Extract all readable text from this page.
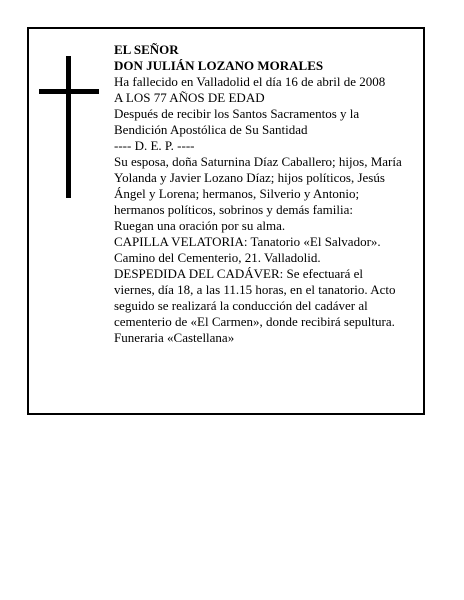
EL SEÑOR
DON JULIÁN LOZANO MORALES
Ha fallecido en Valladolid el día 16 de abril de 2008
A LOS 77 AÑOS DE EDAD
Después de recibir los Santos Sacramentos y la
Bendición Apostólica de Su Santidad
---- D. E. P. ----
Su esposa, doña Saturnina Díaz Caballero; hijos, María
Yolanda y Javier Lozano Díaz; hijos políticos, Jesús
Ángel y Lorena; hermanos, Silverio y Antonio;
hermanos políticos, sobrinos y demás familia:
Ruegan una oración por su alma.
CAPILLA VELATORIA: Tanatorio «El Salvador».
Camino del Cementerio, 21. Valladolid.
DESPEDIDA DEL CADÁVER: Se efectuará el
viernes, día 18, a las 11.15 horas, en el tanatorio. Acto
seguido se realizará la conducción del cadáver al
cementerio de «El Carmen», donde recibirá sepultura.
Funeraria «Castellana»
